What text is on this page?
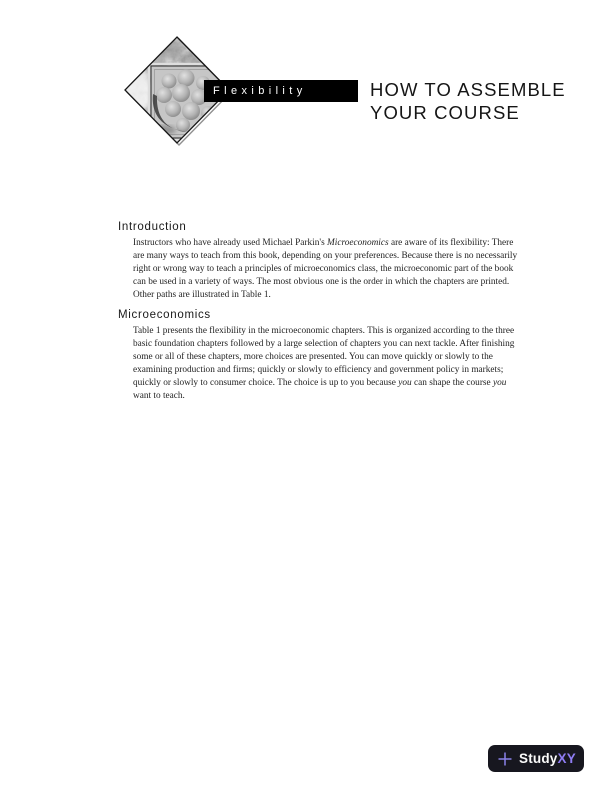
Flexibility	HOW TO ASSEMBLE
YOUR COURSE
Introduction
Instructors who have already used Michael Parkin's Microeconomics are aware of its flexibility: There
are many ways to teach from this book, depending on your preferences. Because there is no necessarily
right or wrong way to teach a principles of microeconomics class, the microeconomic part of the book
can be used in a variety of ways. The most obvious one is the order in which the chapters are printed.
Other paths are illustrated in Table 1.
Microeconomics
Table 1 presents the flexibility in the microeconomic chapters. This is organized according to the three
basic foundation chapters followed by a large selection of chapters you can next tackle. After finishing
some or all of these chapters, more choices are presented. You can move quickly or slowly to the
examining production and firms; quickly or slowly to efficiency and government policy in markets;
quickly or slowly to consumer choice. The choice is up to you because you can shape the course you
want to teach.
StudyXY
